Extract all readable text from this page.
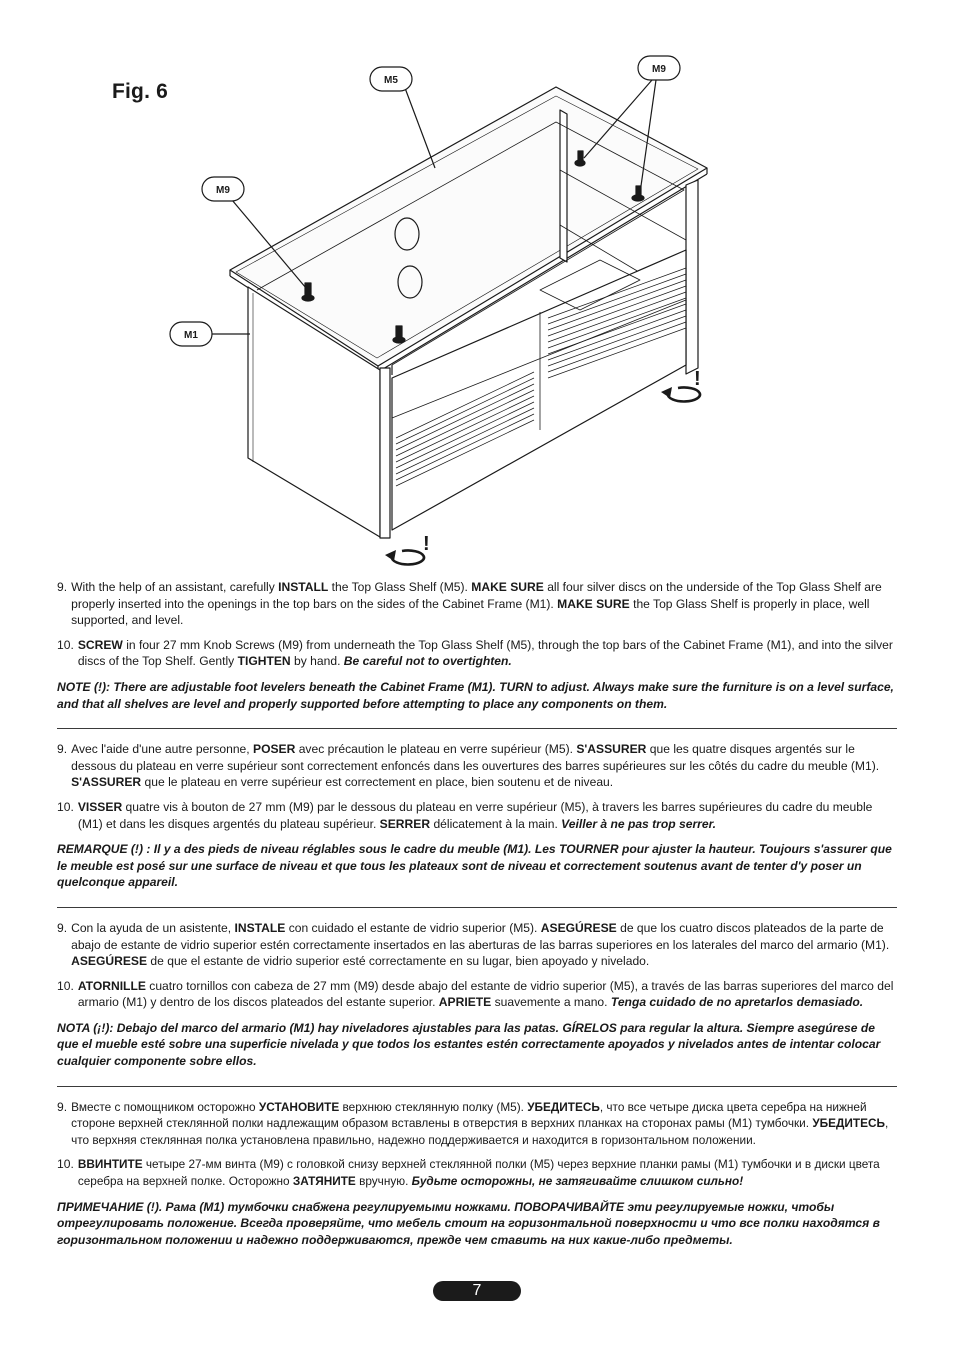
M5
M9
M9
M1
!
!
Fig. 6
9. With the help of an assistant, carefully INSTALL the Top Glass Shelf (M5). MAKE SURE all four silver discs on the underside of the Top Glass Shelf are properly inserted into the openings in the top bars on the sides of the Cabinet Frame (M1). MAKE SURE the Top Glass Shelf is properly in place, well supported, and level.
10. SCREW in four 27 mm Knob Screws (M9) from underneath the Top Glass Shelf (M5), through the top bars of the Cabinet Frame (M1), and into the silver discs of the Top Shelf. Gently TIGHTEN by hand. Be careful not to overtighten.
NOTE (!): There are adjustable foot levelers beneath the Cabinet Frame (M1). TURN to adjust. Always make sure the furniture is on a level surface, and that all shelves are level and properly supported before attempting to place any components on them.
9. Avec l'aide d'une autre personne, POSER avec précaution le plateau en verre supérieur (M5). S'ASSURER que les quatre disques argentés sur le dessous du plateau en verre supérieur sont correctement enfoncés dans les ouvertures des barres supérieures sur les côtés du cadre du meuble (M1). S'ASSURER que le plateau en verre supérieur est correctement en place, bien soutenu et de niveau.
10. VISSER quatre vis à bouton de 27 mm (M9) par le dessous du plateau en verre supérieur (M5), à travers les barres supérieures du cadre du meuble (M1) et dans les disques argentés du plateau supérieur. SERRER délicatement à la main. Veiller à ne pas trop serrer.
REMARQUE (!) : Il y a des pieds de niveau réglables sous le cadre du meuble (M1). Les TOURNER pour ajuster la hauteur. Toujours s'assurer que le meuble est posé sur une surface de niveau et que tous les plateaux sont de niveau et correctement soutenus avant de tenter d'y poser un quelconque appareil.
9. Con la ayuda de un asistente, INSTALE con cuidado el estante de vidrio superior (M5). ASEGÚRESE de que los cuatro discos plateados de la parte de abajo de estante de vidrio superior estén correctamente insertados en las aberturas de las barras superiores en los laterales del marco del armario (M1). ASEGÚRESE de que el estante de vidrio superior esté correctamente en su lugar, bien apoyado y nivelado.
10. ATORNILLE cuatro tornillos con cabeza de 27 mm (M9) desde abajo del estante de vidrio superior (M5), a través de las barras superiores del marco del armario (M1) y dentro de los discos plateados del estante superior. APRIETE suavemente a mano. Tenga cuidado de no apretarlos demasiado.
NOTA (¡!): Debajo del marco del armario (M1) hay niveladores ajustables para las patas. GÍRELOS para regular la altura. Siempre asegúrese de que el mueble esté sobre una superficie nivelada y que todos los estantes estén correctamente apoyados y nivelados antes de intentar colocar cualquier componente sobre ellos.
9. Вместе с помощником осторожно УСТАНОВИТЕ верхнюю стеклянную полку (M5). УБЕДИТЕСЬ, что все четыре диска цвета серебра на нижней стороне верхней стеклянной полки надлежащим образом вставлены в отверстия в верхних планках на сторонах рамы (M1) тумбочки. УБЕДИТЕСЬ, что верхняя стеклянная полка установлена правильно, надежно поддерживается и находится в горизонтальном положении.
10. ВВИНТИТЕ четыре 27-мм винта (M9) с головкой снизу верхней стеклянной полки (M5) через верхние планки рамы (M1) тумбочки и в диски цвета серебра на верхней полке. Осторожно ЗАТЯНИТЕ вручную. Будьте осторожны, не затягивайте слишком сильно!
ПРИМЕЧАНИЕ (!). Рама (M1) тумбочки снабжена регулируемыми ножками. ПОВОРАЧИВАЙТЕ эти регулируемые ножки, чтобы отрегулировать положение. Всегда проверяйте, что мебель стоит на горизонтальной поверхности и что все полки находятся в горизонтальном положении и надежно поддерживаются, прежде чем ставить на них какие-либо предметы.
7
